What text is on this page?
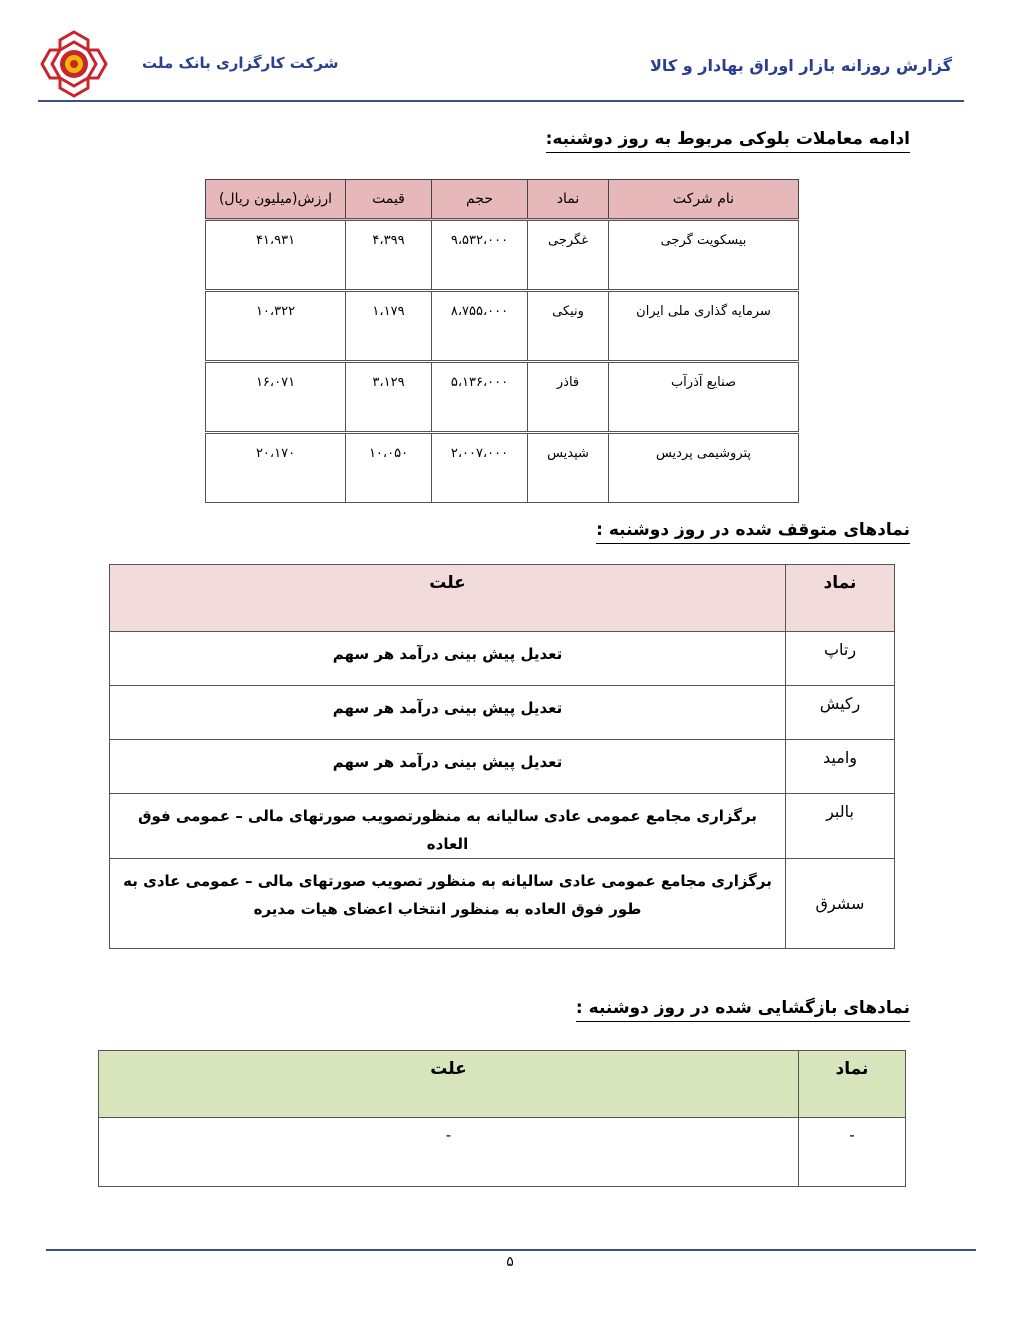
شرکت کارگزاری بانک ملت	گزارش روزانه بازار اوراق بهادار و کالا
ادامه معاملات بلوکی مربوط به روز دوشنبه:
نام شرکت	نماد	حجم	قیمت	ارزش(میلیون ریال)
بیسکویت گرجی	غگرجی	۹،۵۳۲،۰۰۰	۴،۳۹۹	۴۱،۹۳۱
سرمایه گذاری ملی ایران	ونیکی	۸،۷۵۵،۰۰۰	۱،۱۷۹	۱۰،۳۲۲
صنایع آذرآب	فاذر	۵،۱۳۶،۰۰۰	۳،۱۲۹	۱۶،۰۷۱
پتروشیمی پردیس	شپدیس	۲،۰۰۷،۰۰۰	۱۰،۰۵۰	۲۰،۱۷۰
نمادهای متوقف شده در روز دوشنبه :
نماد	علت
رتاپ	تعدیل پیش بینی درآمد هر سهم
رکیش	تعدیل پیش بینی درآمد هر سهم
وامید	تعدیل پیش بینی درآمد هر سهم
بالبر	برگزاری مجامع عمومی عادی سالیانه به منظورتصویب صورتهای مالی – عمومی فوق العاده
سشرق	برگزاری مجامع عمومی عادی سالیانه به منظور تصویب صورتهای مالی – عمومی عادی به طور فوق العاده به منظور انتخاب اعضای هیات مدیره
نمادهای بازگشایی شده در روز دوشنبه :
نماد	علت
-	-
۵
